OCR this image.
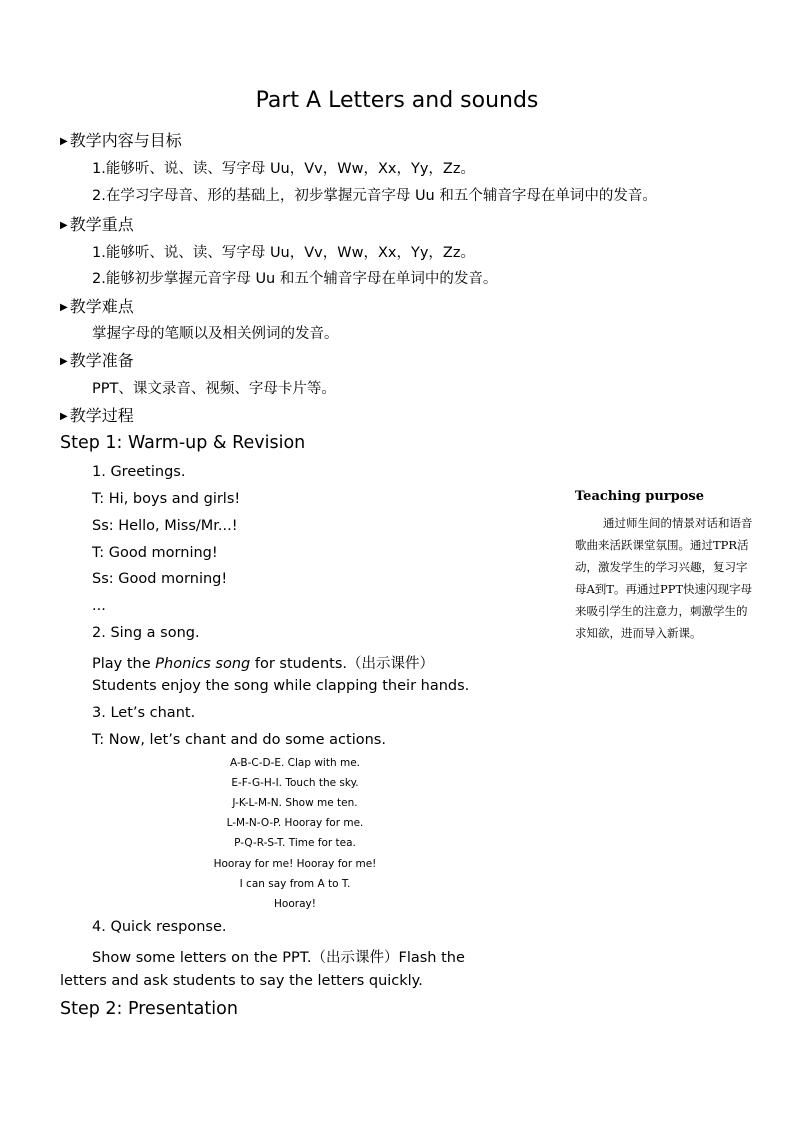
Part A Letters and sounds
▶ 教学内容与目标
1.能够听、说、读、写字母 Uu，Vv，Ww，Xx，Yy，Zz。
2.在学习字母音、形的基础上，初步掌握元音字母 Uu 和五个辅音字母在单词中的发音。
▶ 教学重点
1.能够听、说、读、写字母 Uu，Vv，Ww，Xx，Yy，Zz。
2.能够初步掌握元音字母 Uu 和五个辅音字母在单词中的发音。
▶ 教学难点
掌握字母的笔顺以及相关例词的发音。
▶ 教学准备
PPT、课文录音、视频、字母卡片等。
▶ 教学过程
Step 1: Warm-up & Revision
1. Greetings.
T: Hi, boys and girls!
Ss: Hello, Miss/Mr...!
T: Good morning!
Ss: Good morning!
...
2. Sing a song.
Play the Phonics song for students.（出示课件）
Students enjoy the song while clapping their hands.
3. Let’s chant.
T: Now, let’s chant and do some actions.
A-B-C-D-E. Clap with me.
E-F-G-H-I. Touch the sky.
J-K-L-M-N. Show me ten.
L-M-N-O-P. Hooray for me.
P-Q-R-S-T. Time for tea.
Hooray for me! Hooray for me!
I can say from A to T.
Hooray!
4. Quick response.
Show some letters on the PPT.（出示课件）Flash the
letters and ask students to say the letters quickly.
Step 2: Presentation
Teaching purpose
通过师生间的情景对话和语音歌曲来活跃课堂氛围。通过TPR活动，激发学生的学习兴趣，复习字母A到T。再通过PPT快速闪现字母来吸引学生的注意力，刺激学生的求知欲，进而导入新课。
